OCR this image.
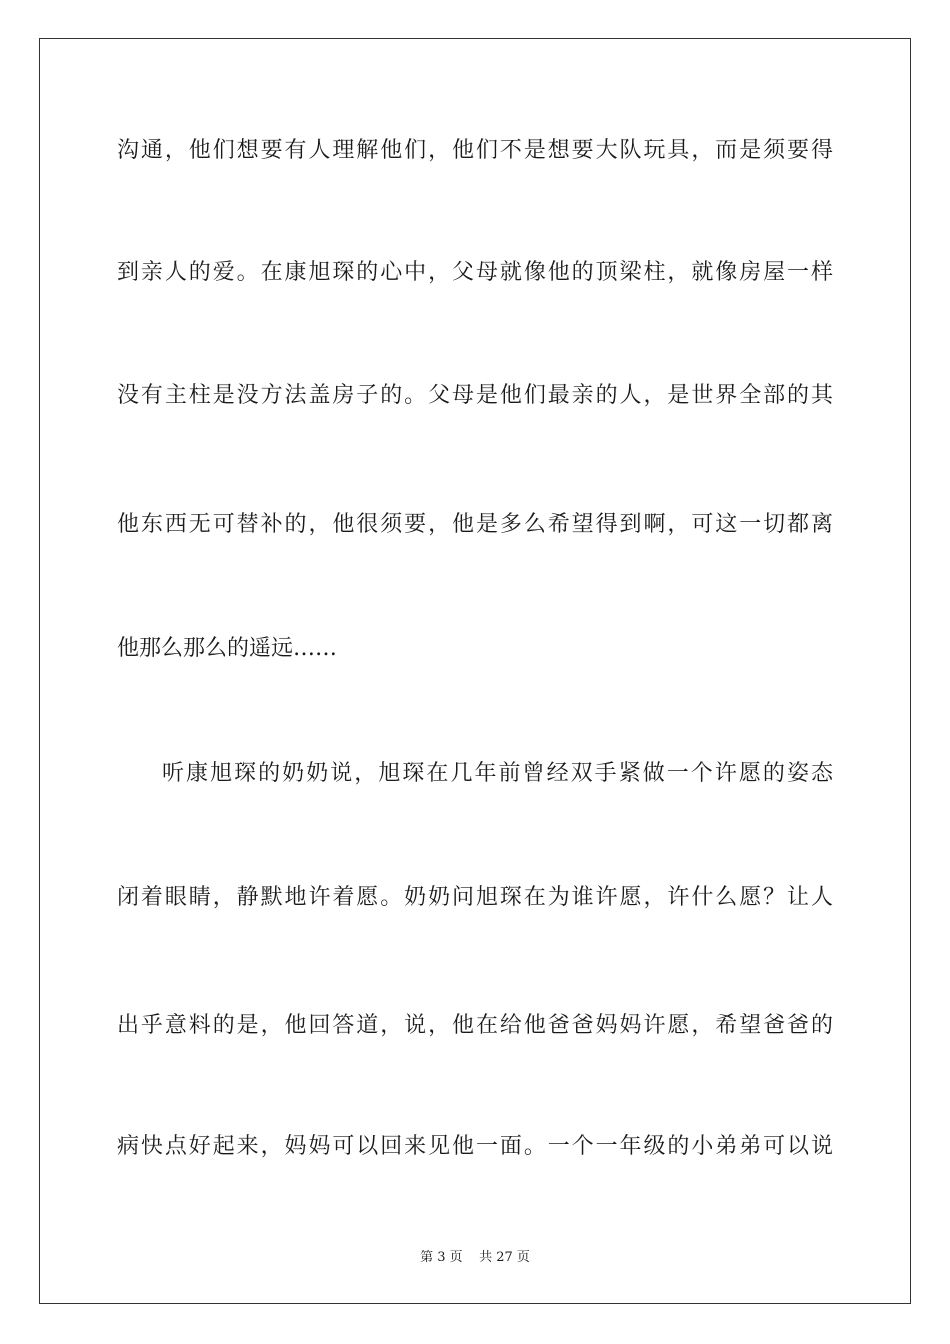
沟通，他们想要有人理解他们，他们不是想要大队玩具，而是须要得
到亲人的爱。在康旭琛的心中，父母就像他的顶梁柱，就像房屋一样
没有主柱是没方法盖房子的。父母是他们最亲的人，是世界全部的其
他东西无可替补的，他很须要，他是多么希望得到啊，可这一切都离
他那么那么的遥远……
听康旭琛的奶奶说，旭琛在几年前曾经双手紧做一个许愿的姿态
闭着眼睛，静默地许着愿。奶奶问旭琛在为谁许愿，许什么愿？让人
出乎意料的是，他回答道，说，他在给他爸爸妈妈许愿，希望爸爸的
病快点好起来，妈妈可以回来见他一面。一个一年级的小弟弟可以说
第 3 页    共 27 页
